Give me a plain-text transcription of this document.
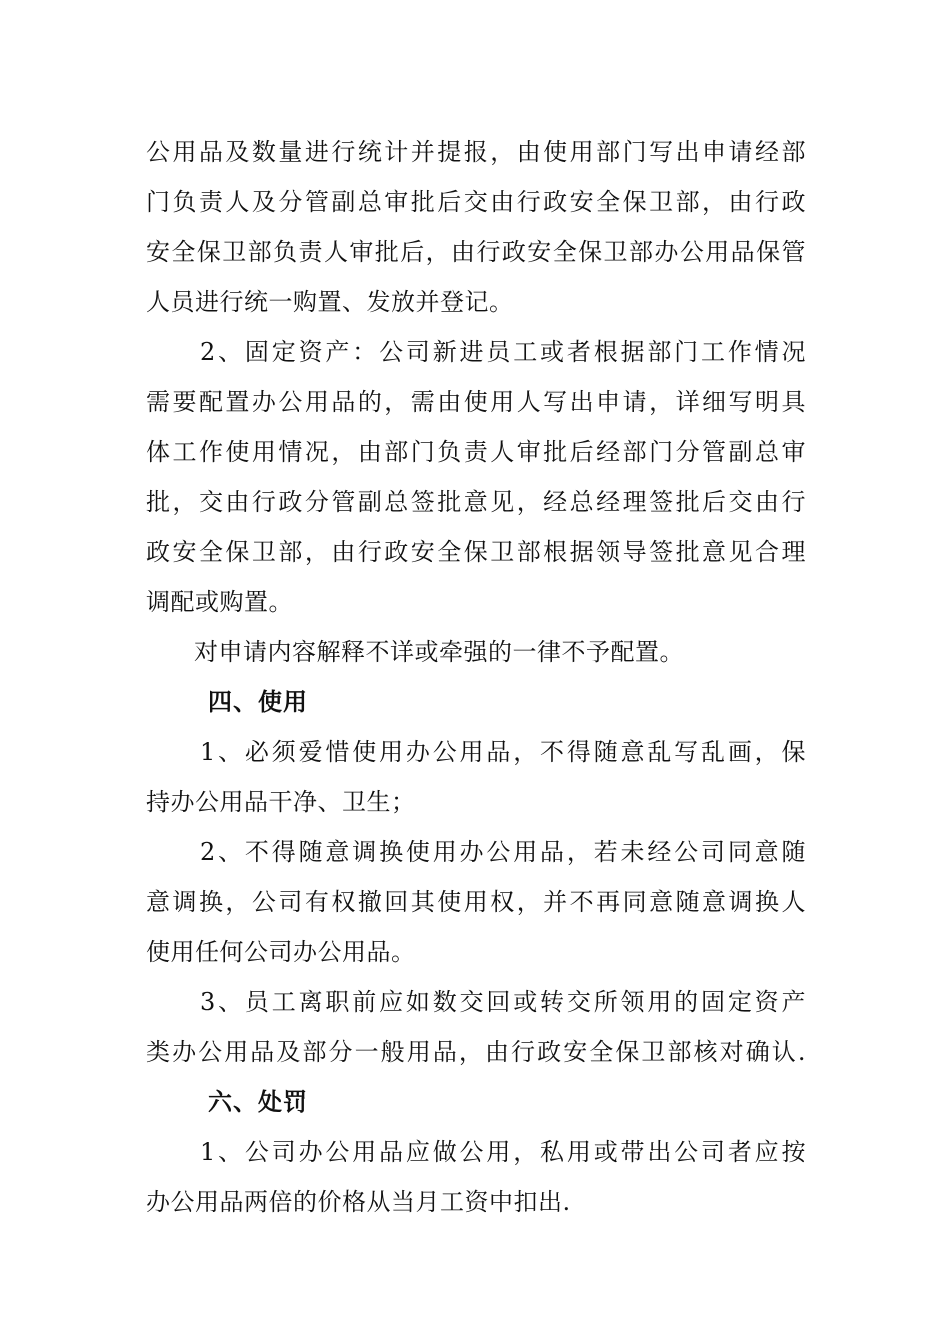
公用品及数量进行统计并提报，由使用部门写出申请经部
门负责人及分管副总审批后交由行政安全保卫部，由行政
安全保卫部负责人审批后，由行政安全保卫部办公用品保管
人员进行统一购置、发放并登记。
2、固定资产：公司新进员工或者根据部门工作情况
需要配置办公用品的，需由使用人写出申请，详细写明具
体工作使用情况，由部门负责人审批后经部门分管副总审
批，交由行政分管副总签批意见，经总经理签批后交由行
政安全保卫部，由行政安全保卫部根据领导签批意见合理
调配或购置。
对申请内容解释不详或牵强的一律不予配置。
四、使用
1、必须爱惜使用办公用品，不得随意乱写乱画，保
持办公用品干净、卫生；
2、不得随意调换使用办公用品，若未经公司同意随
意调换，公司有权撤回其使用权，并不再同意随意调换人
使用任何公司办公用品。
3、员工离职前应如数交回或转交所领用的固定资产
类办公用品及部分一般用品，由行政安全保卫部核对确认.
六、处罚
1、公司办公用品应做公用，私用或带出公司者应按
办公用品两倍的价格从当月工资中扣出.
